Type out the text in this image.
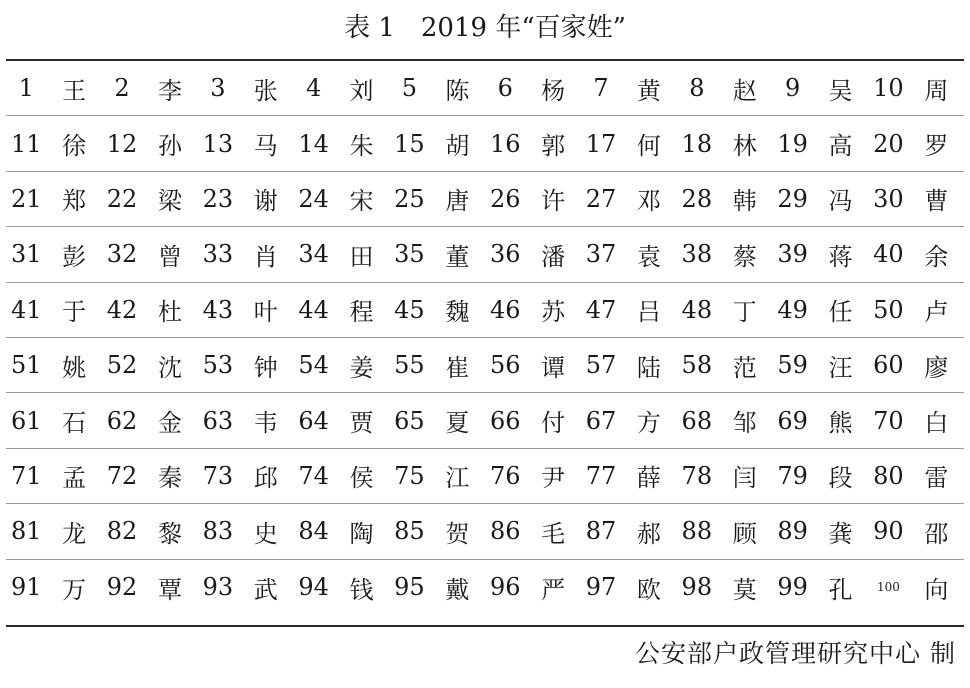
表 1　2019 年“百家姓”
1	王	2	李	3	张	4	刘	5	陈	6	杨	7	黄	8	赵	9	吴 10 周
11 徐 12 孙 13 马 14 朱 15 胡 16 郭 17 何 18 林 19 高 20 罗
21 郑 22 梁 23 谢 24 宋 25 唐 26 许 27 邓 28 韩 29 冯 30 曹
31 彭 32 曾 33 肖 34 田 35 董 36 潘 37 袁 38 蔡 39 蒋 40 余
41 于 42 杜 43 叶 44 程 45 魏 46 苏 47 吕 48 丁 49 任 50 卢
51 姚 52 沈 53 钟 54 姜 55 崔 56 谭 57 陆 58 范 59 汪 60 廖
61 石 62 金 63 韦 64 贾 65 夏 66 付 67 方 68 邹 69 熊 70 白
71 孟 72 秦 73 邱 74 侯 75 江 76 尹 77 薛 78 闫 79 段 80 雷
81 龙 82 黎 83 史 84 陶 85 贺 86 毛 87 郝 88 顾 89 龚 90 邵
91 万 92 覃 93 武 94 钱 95 戴 96 严 97 欧 98 莫 99 孔	100	向
公安部户政管理研究中心 制
